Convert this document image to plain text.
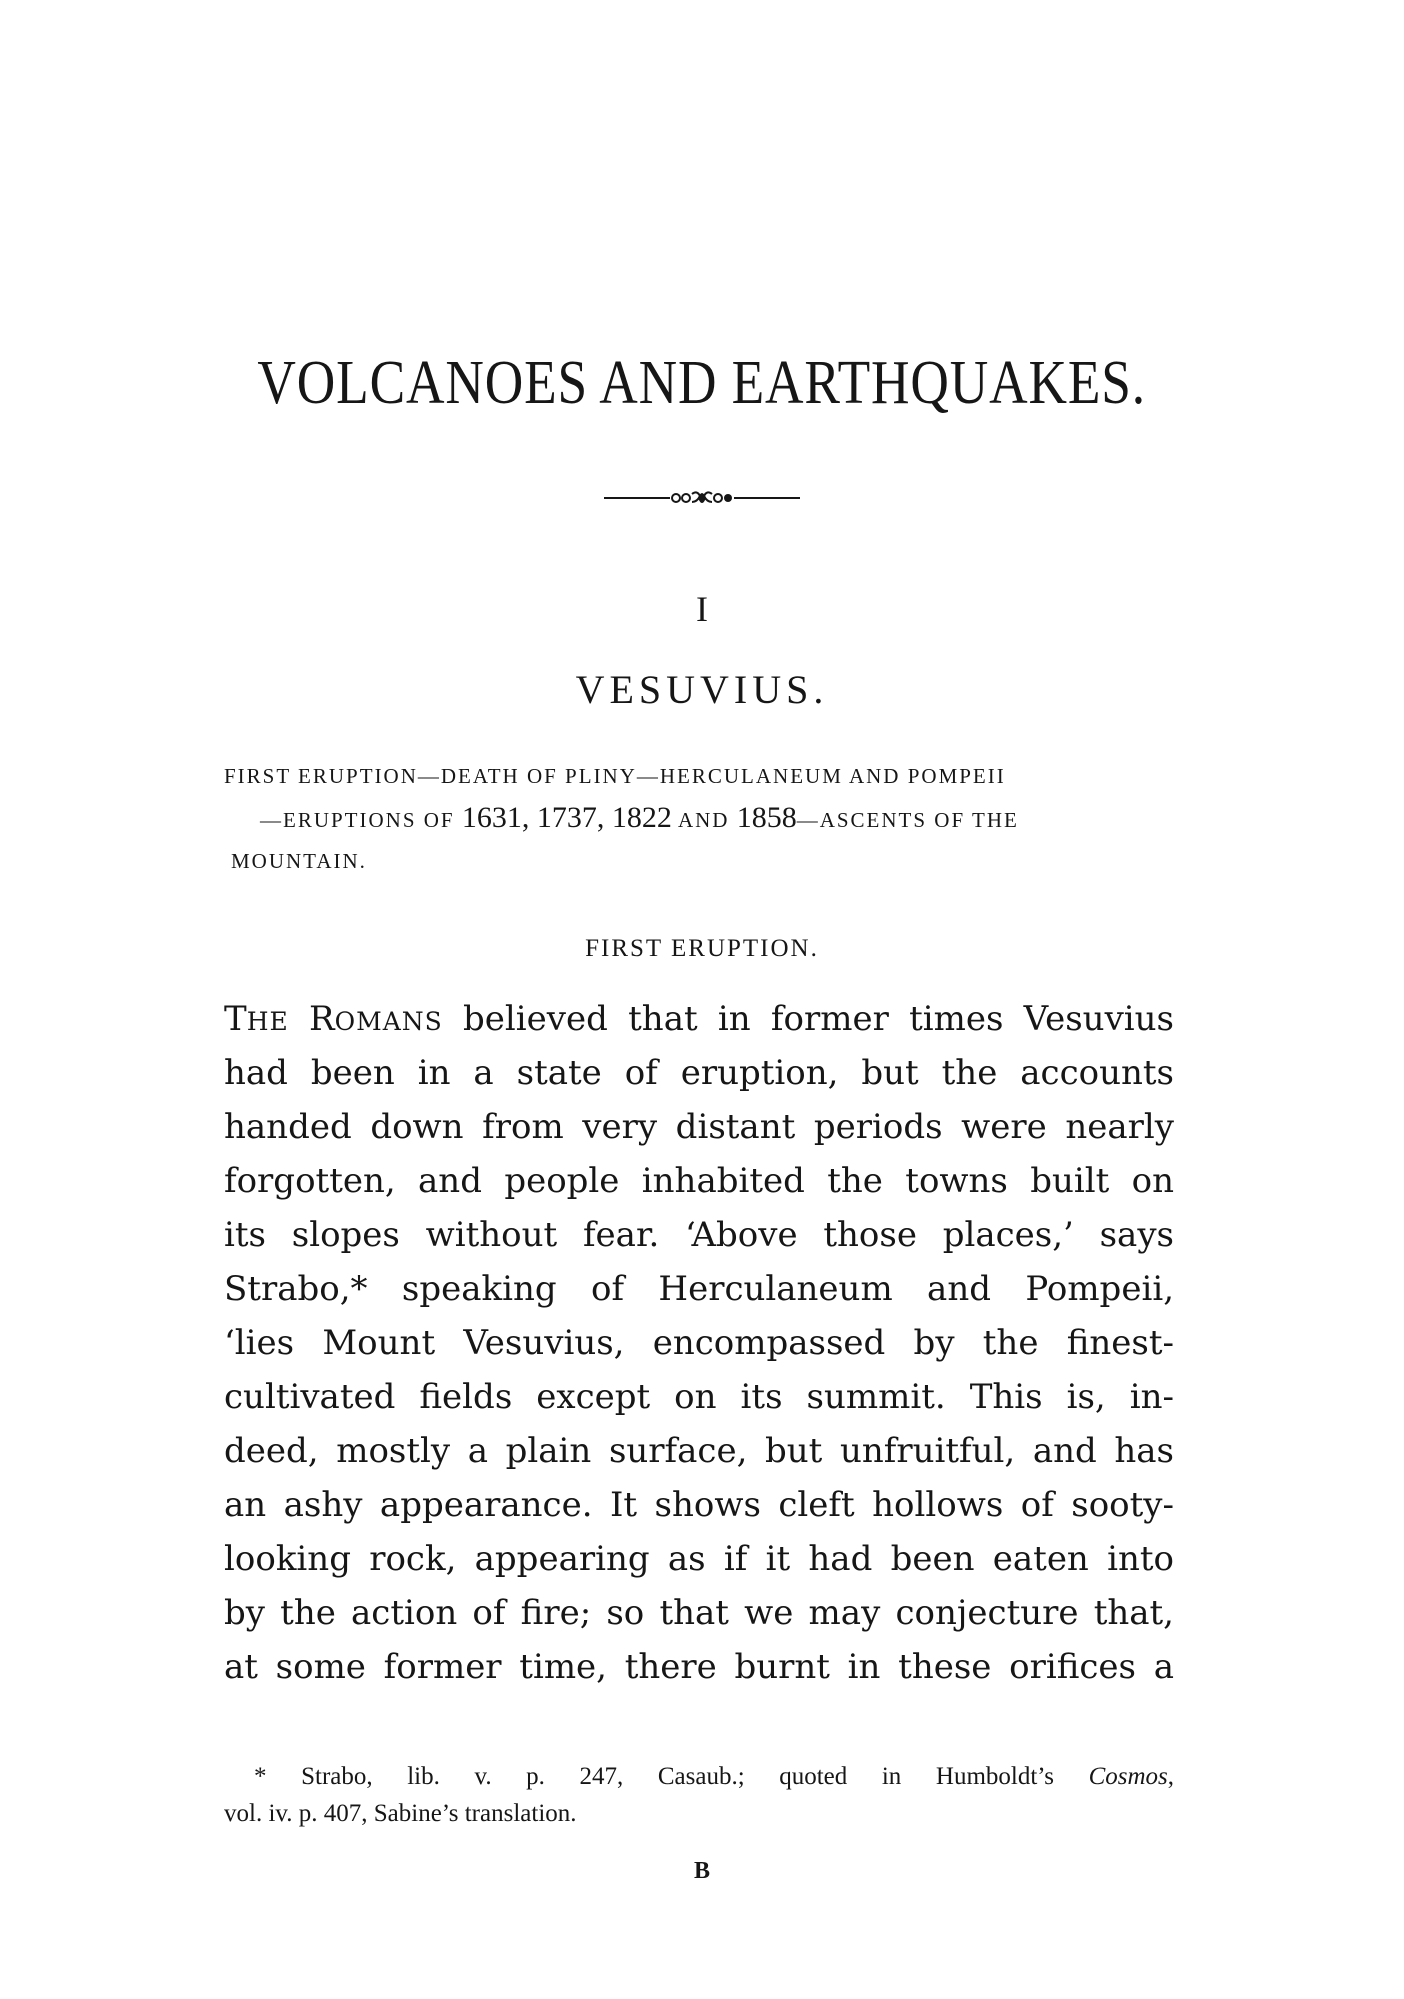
VOLCANOES AND EARTHQUAKES.
I
VESUVIUS.
FIRST ERUPTION—DEATH OF PLINY—HERCULANEUM AND POMPEII
—ERUPTIONS OF 1631, 1737, 1822 AND 1858—ASCENTS OF THE
MOUNTAIN.
FIRST ERUPTION.
THE ROMANS believed that in former times Vesuvius
had been in a state of eruption, but the accounts
handed down from very distant periods were nearly
forgotten, and people inhabited the towns built on
its slopes without fear. ‘Above those places,’ says
Strabo,* speaking of Herculaneum and Pompeii,
‘lies Mount Vesuvius, encompassed by the finest-
cultivated fields except on its summit. This is, in-
deed, mostly a plain surface, but unfruitful, and has
an ashy appearance. It shows cleft hollows of sooty-
looking rock, appearing as if it had been eaten into
by the action of fire; so that we may conjecture that,
at some former time, there burnt in these orifices a
* Strabo, lib. v. p. 247, Casaub.; quoted in Humboldt’s Cosmos,
vol. iv. p. 407, Sabine’s translation.
B
